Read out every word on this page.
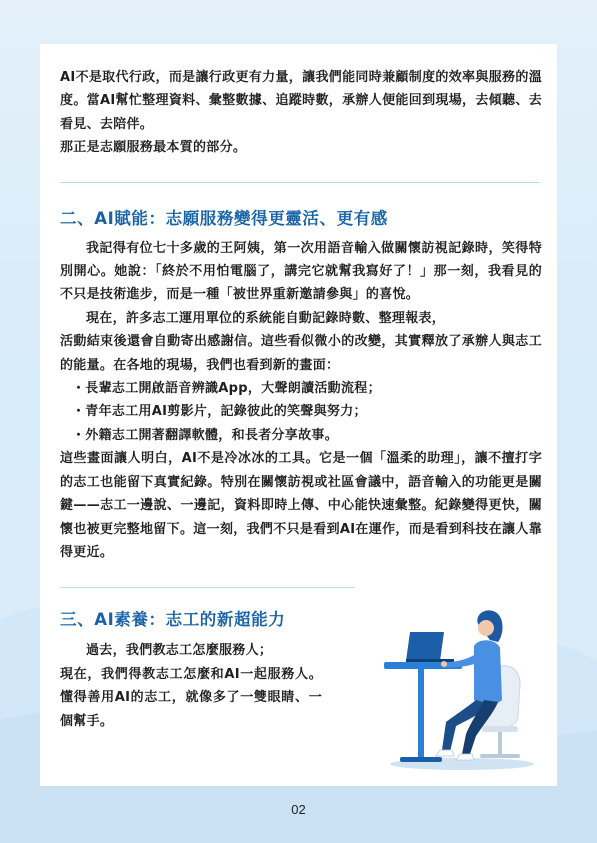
AI不是取代行政，而是讓行政更有力量，讓我們能同時兼顧制度的效率與服務的溫度。當AI幫忙整理資料、彙整數據、追蹤時數，承辦人便能回到現場，去傾聽、去看見、去陪伴。

那正是志願服務最本質的部分。

二、AI賦能：志願服務變得更靈活、更有感

我記得有位七十多歲的王阿姨，第一次用語音輸入做關懷訪視記錄時，笑得特別開心。她說：「終於不用怕電腦了，講完它就幫我寫好了！」那一刻，我看見的不只是技術進步，而是一種「被世界重新邀請參與」的喜悅。

現在，許多志工運用單位的系統能自動記錄時數、整理報表，

活動結束後還會自動寄出感謝信。這些看似微小的改變，其實釋放了承辦人與志工的能量。在各地的現場，我們也看到新的畫面：

・長輩志工開啟語音辨識App，大聲朗讀活動流程；
・青年志工用AI剪影片，記錄彼此的笑聲與努力；
・外籍志工開著翻譯軟體，和長者分享故事。

這些畫面讓人明白，AI不是冷冰冰的工具。它是一個「溫柔的助理」，讓不擅打字的志工也能留下真實紀錄。特別在關懷訪視或社區會議中，語音輸入的功能更是關鍵——志工一邊說、一邊記，資料即時上傳、中心能快速彙整。紀錄變得更快，關懷也被更完整地留下。這一刻，我們不只是看到AI在運作，而是看到科技在讓人靠得更近。

三、AI素養：志工的新超能力

過去，我們教志工怎麼服務人；

現在，我們得教志工怎麼和AI一起服務人。懂得善用AI的志工，就像多了一雙眼睛、一個幫手。

02
